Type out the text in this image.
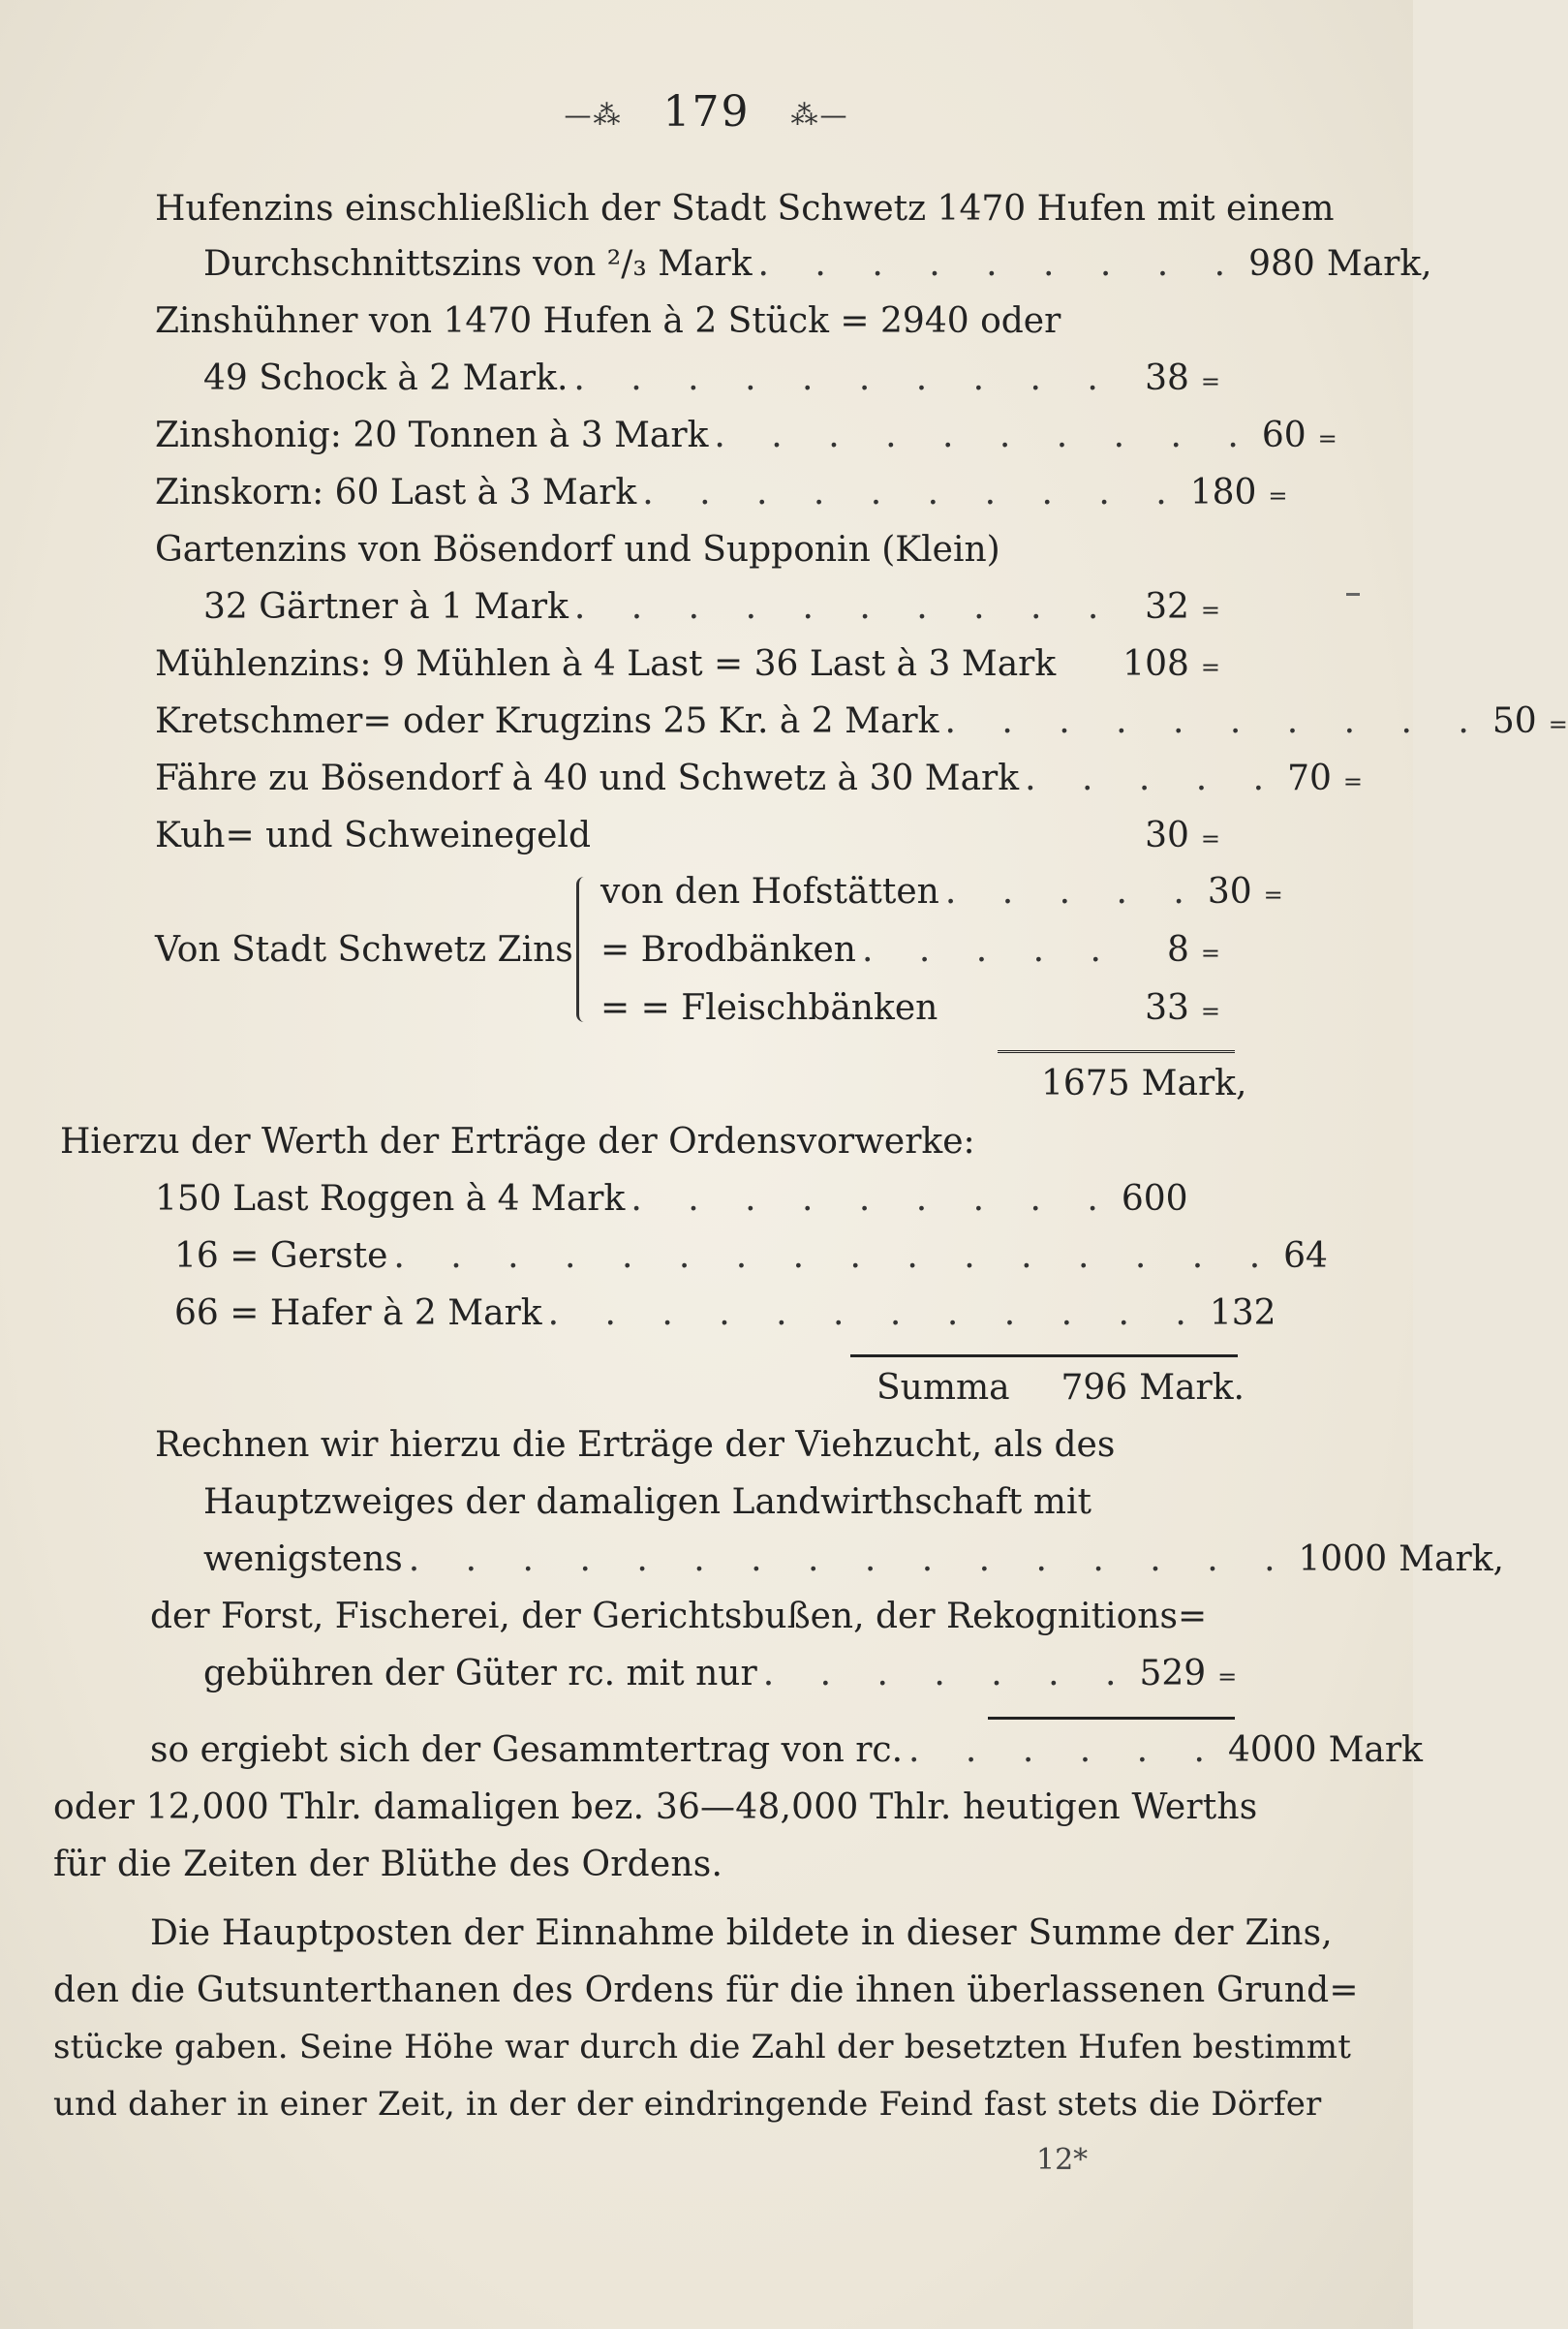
—⁂ 179 ⁂—
Hufenzins einschließlich der Stadt Schwetz 1470 Hufen mit einem
Durchschnittszins von ²/₃ Mark . . . . . . . . . 980 Mark,
Zinshühner von 1470 Hufen à 2 Stück = 2940 oder
49 Schock à 2 Mark. . . . . . . . . . . 38 =
Zinshonig: 20 Tonnen à 3 Mark . . . . . . . . . . 60 =
Zinskorn: 60 Last à 3 Mark . . . . . . . . . . 180 =
Gartenzins von Bösendorf und Supponin (Klein)
32 Gärtner à 1 Mark . . . . . . . . . . 32 =
Mühlenzins: 9 Mühlen à 4 Last = 36 Last à 3 Mark 108 =
Kretschmer= oder Krugzins 25 Kr. à 2 Mark . . . . . . . . . . 50 =
Fähre zu Bösendorf à 40 und Schwetz à 30 Mark . . . . . 70 =
Kuh= und Schweinegeld	30 =
Von Stadt Schwetz Zins
von den Hofstätten . . . . . 30 =
= Brodbänken . . . . .	8 =
= = Fleischbänken	33 =
1675 Mark,
Hierzu der Werth der Erträge der Ordensvorwerke:
150 Last Roggen à 4 Mark . . . . . . . . . 600
16 = Gerste . . . . . . . . . . . . . . . . 64
66 = Hafer à 2 Mark . . . . . . . . . . . . 132
Summa	796 Mark.
Rechnen wir hierzu die Erträge der Viehzucht, als des
Hauptzweiges der damaligen Landwirthschaft mit
wenigstens . . . . . . . . . . . . . . . . 1000 Mark,
der Forst, Fischerei, der Gerichtsbußen, der Rekognitions=
gebühren der Güter rc. mit nur . . . . . . . 529 =
so ergiebt sich der Gesammtertrag von rc. . . . . . . 4000 Mark
oder 12,000 Thlr. damaligen bez. 36—48,000 Thlr. heutigen Werths
für die Zeiten der Blüthe des Ordens.
Die Hauptposten der Einnahme bildete in dieser Summe der Zins,
den die Gutsunterthanen des Ordens für die ihnen überlassenen Grund=
stücke gaben. Seine Höhe war durch die Zahl der besetzten Hufen bestimmt
und daher in einer Zeit, in der der eindringende Feind fast stets die Dörfer
12*
